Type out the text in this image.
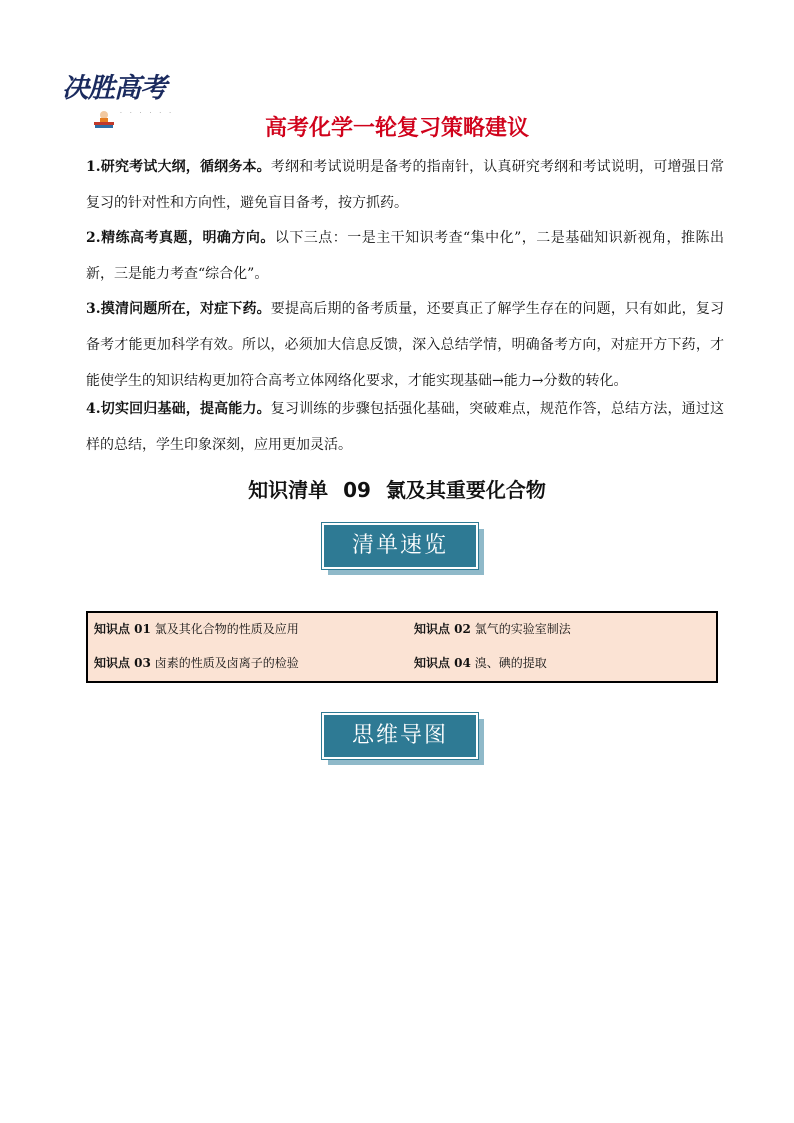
决胜高考
· · · · · ·
高考化学一轮复习策略建议

1.研究考试大纲，循纲务本。考纲和考试说明是备考的指南针，认真研究考纲和考试说明，可增强日常复习的针对性和方向性，避免盲目备考，按方抓药。

2.精练高考真题，明确方向。以下三点：一是主干知识考查“集中化”，二是基础知识新视角，推陈出新，三是能力考查“综合化”。

3.摸清问题所在，对症下药。要提高后期的备考质量，还要真正了解学生存在的问题，只有如此，复习备考才能更加科学有效。所以，必须加大信息反馈，深入总结学情，明确备考方向，对症开方下药，才能使学生的知识结构更加符合高考立体网络化要求，才能实现基础→能力→分数的转化。

4.切实回归基础，提高能力。复习训练的步骤包括强化基础，突破难点，规范作答，总结方法，通过这样的总结，学生印象深刻，应用更加灵活。

知识清单 09 氯及其重要化合物
清单速览
知识点 01 氯及其化合物的性质及应用	知识点 02 氯气的实验室制法
知识点 03 卤素的性质及卤离子的检验	知识点 04 溴、碘的提取
思维导图
